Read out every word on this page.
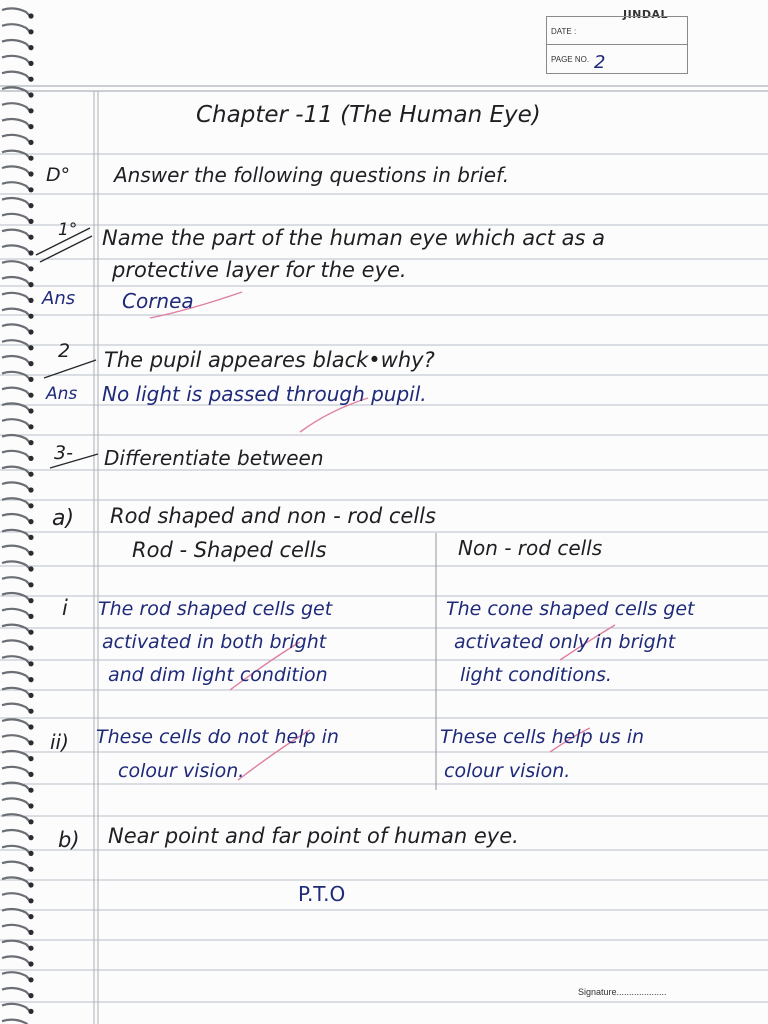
JINDAL
DATE :
PAGE NO. 2
Chapter -11 (The Human Eye)
D° Answer the following questions in brief.
1° Name the part of the human eye which act as a
protective layer for the eye.
Ans Cornea
2 The pupil appeares black•why?
Ans No light is passed through pupil.
3- Differentiate between
a) Rod shaped and non - rod cells
Rod - Shaped cells	Non - rod cells
i The rod shaped cells get
activated in both bright
and dim light condition
The cone shaped cells get
activated only in bright
light conditions.
ii) These cells do not help in
colour vision.
These cells help us in
colour vision.
b) Near point and far point of human eye.
P.T.O
Signature....................
